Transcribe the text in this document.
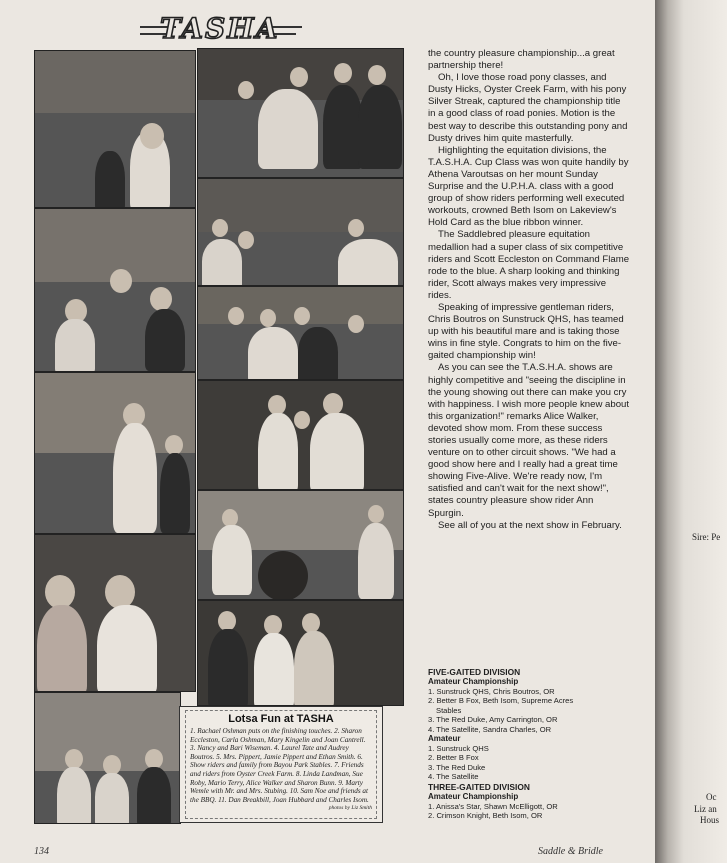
TASHA
Lotsa Fun at TASHA
1. Rachael Oshman puts on the finishing touches. 2. Sharon Eccleston, Carla Oshman, Mary Kingelin and Joan Cantrell. 3. Nancy and Bari Wiseman. 4. Laurel Tate and Audrey Boutros. 5. Mrs. Pippert, Jamie Pippert and Ethan Smith. 6. Show riders and family from Bayou Park Stables. 7. Friends and riders from Oyster Creek Farm. 8. Linda Landman, Sue Roby, Mario Terry, Alice Walker and Sharon Bunn. 9. Marty Wemle with Mr. and Mrs. Stubing. 10. Sam Noe and friends at the BBQ. 11. Dan Breakbill, Joan Hubbard and Charles Isom.
photos by Liz Smith

the country pleasure championship...a great partnership there!

Oh, I love those road pony classes, and Dusty Hicks, Oyster Creek Farm, with his pony Silver Streak, captured the championship title in a good class of road ponies. Motion is the best way to describe this outstanding pony and Dusty drives him quite masterfully.

Highlighting the equitation divisions, the T.A.S.H.A. Cup Class was won quite handily by Athena Varoutsas on her mount Sunday Surprise and the U.P.H.A. class with a good group of show riders performing well executed workouts, crowned Beth Isom on Lakeview's Hold Card as the blue ribbon winner.

The Saddlebred pleasure equitation medallion had a super class of six competitive riders and Scott Eccleston on Command Flame rode to the blue. A sharp looking and thinking rider, Scott always makes very impressive rides.

Speaking of impressive gentleman riders, Chris Boutros on Sunstruck QHS, has teamed up with his beautiful mare and is taking those wins in fine style. Congrats to him on the five-gaited championship win!

As you can see the T.A.S.H.A. shows are highly competitive and "seeing the discipline in the young showing out there can make you cry with happiness. I wish more people knew about this organization!" remarks Alice Walker, devoted show mom. From these success stories usually come more, as these riders venture on to other circuit shows. "We had a good show here and I really had a great time showing Five-Alive. We're ready now, I'm satisfied and can't wait for the next show!", states country pleasure show rider Ann Spurgin.

See all of you at the next show in February.

FIVE-GAITED DIVISION
Amateur Championship
1. Sunstruck QHS, Chris Boutros, OR
2. Better B Fox, Beth Isom, Supreme Acres
Stables
3. The Red Duke, Amy Carrington, OR
4. The Satellite, Sandra Charles, OR
Amateur
1. Sunstruck QHS
2. Better B Fox
3. The Red Duke
4. The Satellite
THREE-GAITED DIVISION
Amateur Championship
1. Anissa's Star, Shawn McElligott, OR
2. Crimson Knight, Beth Isom, OR
134	Saddle & Bridle
Sire: Pe
Oc
Liz an
Hous
